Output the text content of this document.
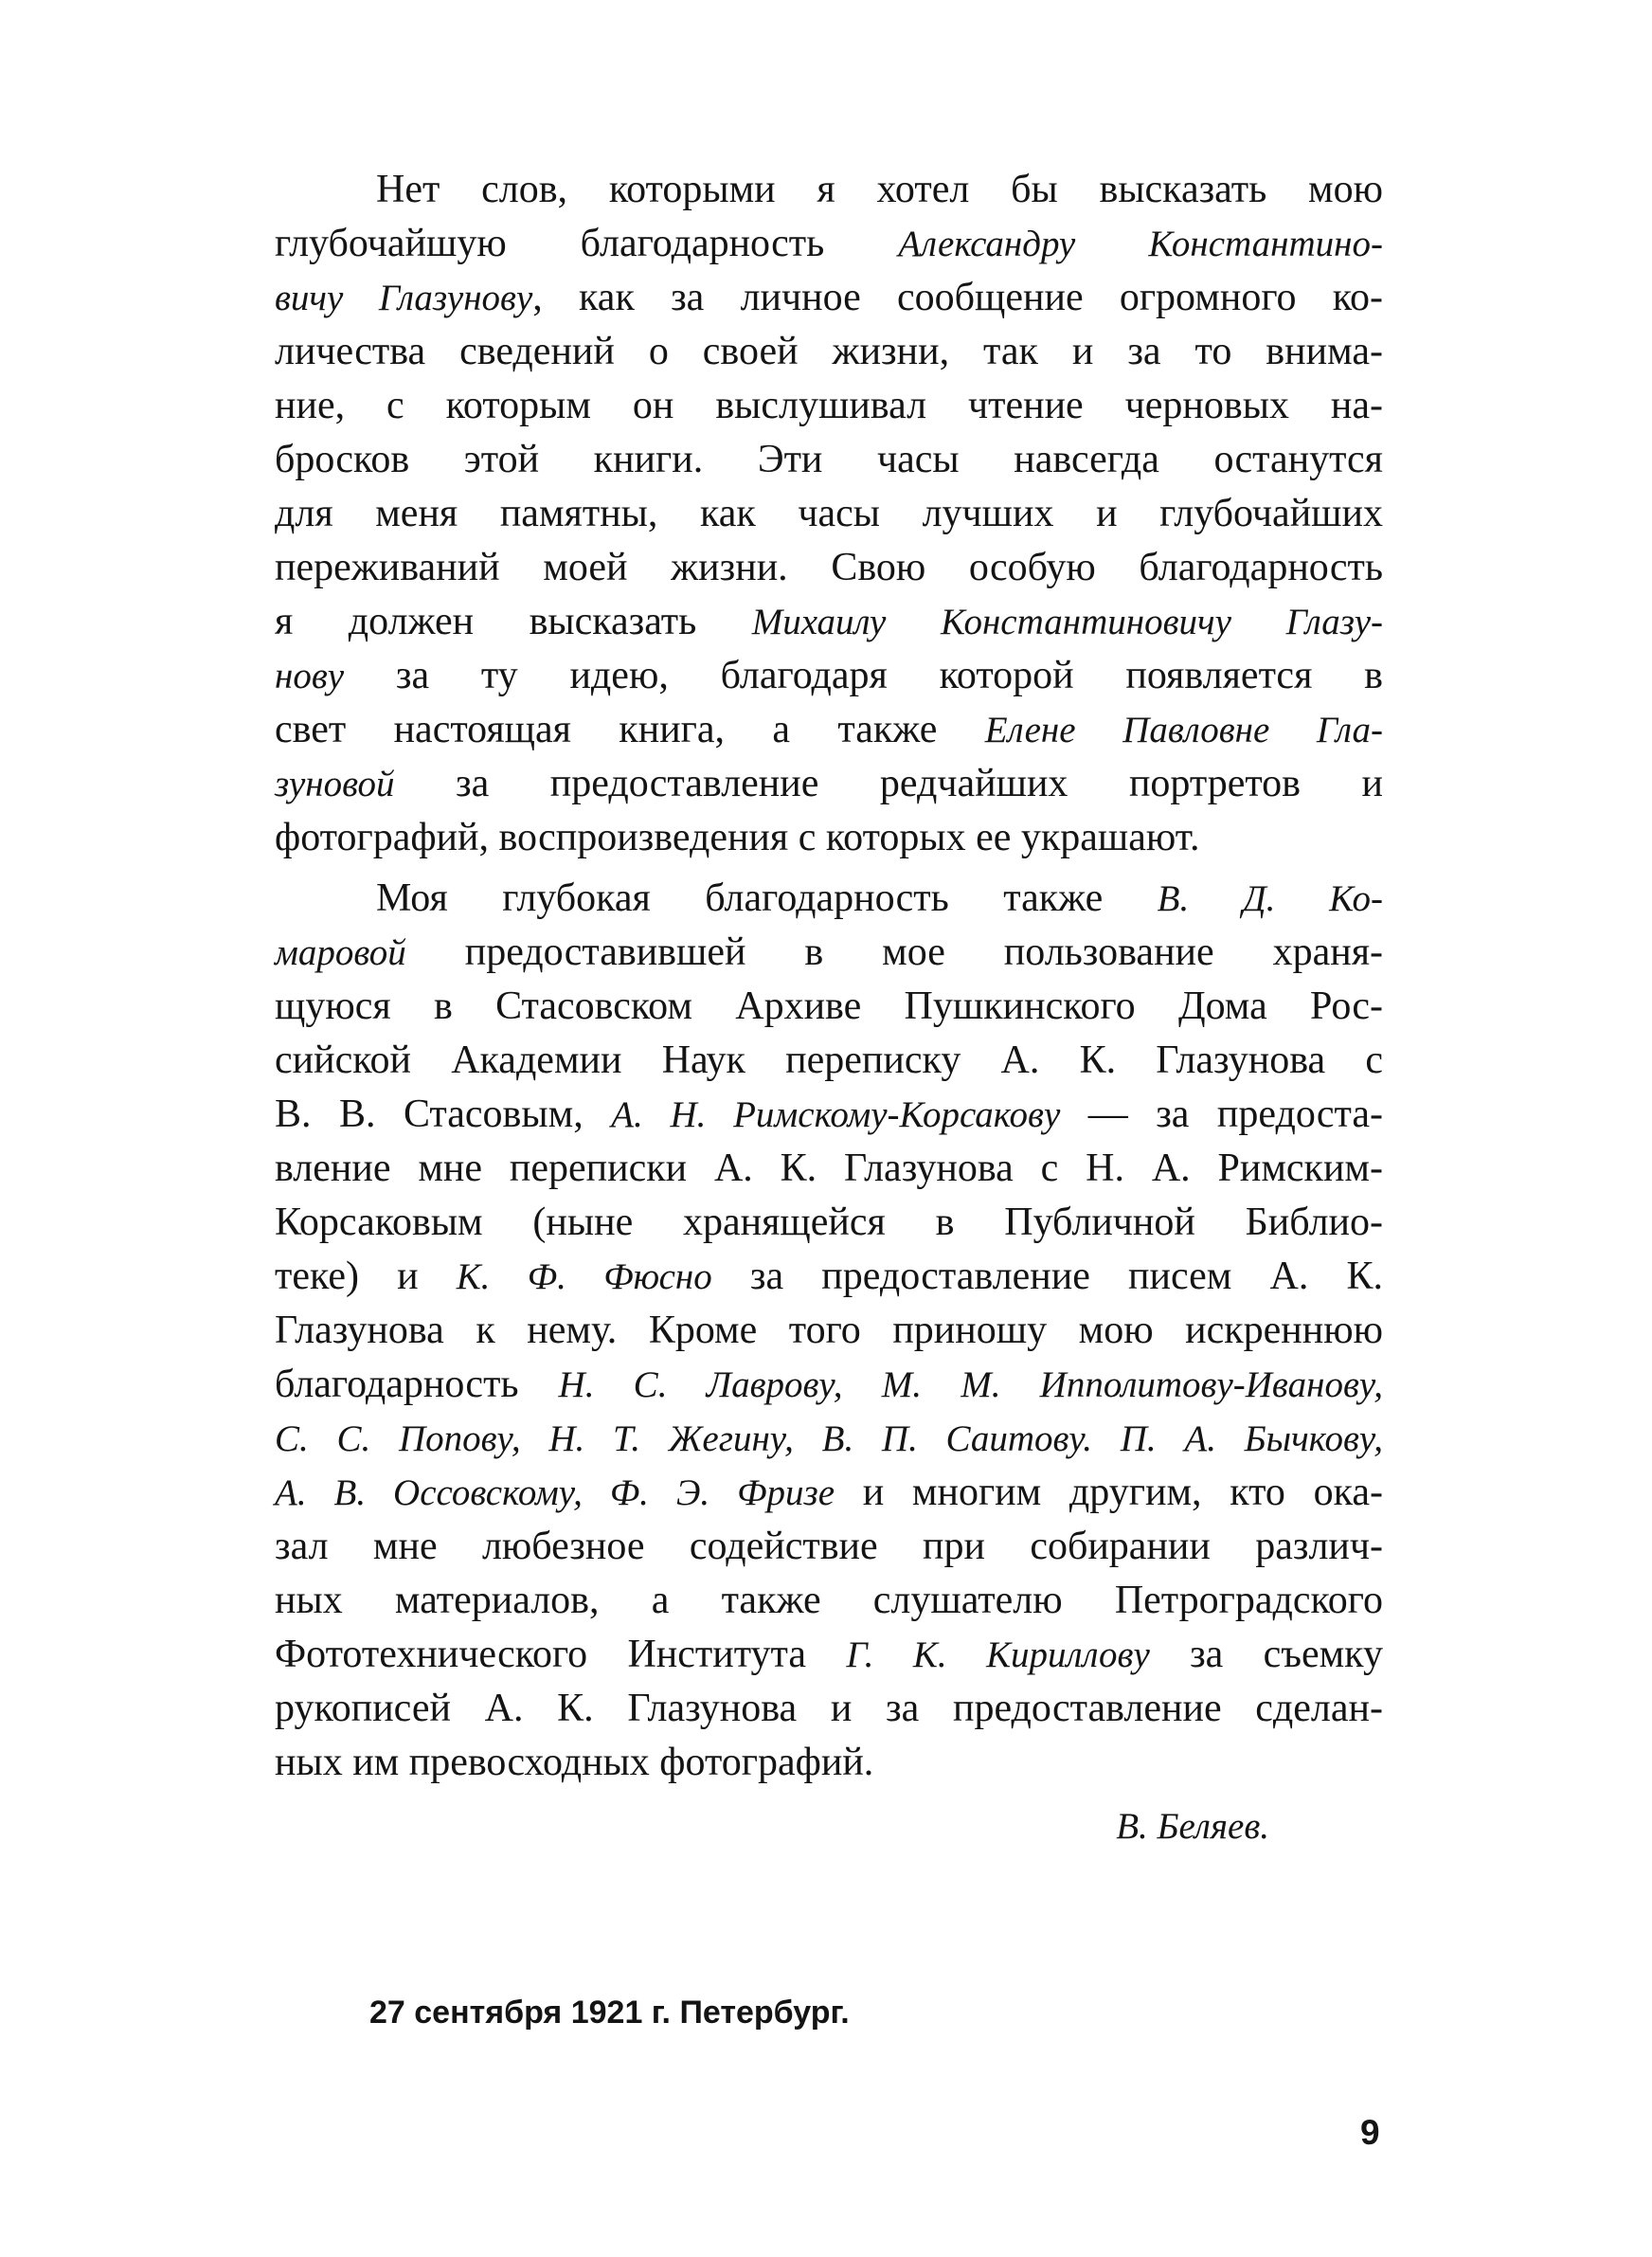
Нет слов, которыми я хотел бы высказать мою
глубочайшую благодарность Александру Константино-
вичу Глазунову, как за личное сообщение огромного ко-
личества сведений о своей жизни, так и за то внима-
ние, с которым он выслушивал чтение черновых на-
бросков этой книги. Эти часы навсегда останутся
для меня памятны, как часы лучших и глубочайших
переживаний моей жизни. Свою особую благодарность
я должен высказать Михаилу Константиновичу Глазу-
нову за ту идею, благодаря которой появляется в
свет настоящая книга, а также Елене Павловне Гла-
зуновой за предоставление редчайших портретов и
фотографий, воспроизведения с которых ее украшают.
Моя глубокая благодарность также В. Д. Ко-
маровой предоставившей в мое пользование храня-
щуюся в Стасовском Архиве Пушкинского Дома Рос-
сийской Академии Наук переписку А. К. Глазунова с
В. В. Стасовым, А. Н. Римскому-Корсакову — за предоста-
вление мне переписки А. К. Глазунова с Н. А. Римским-
Корсаковым (ныне хранящейся в Публичной Библио-
теке) и К. Ф. Фюсно за предоставление писем А. К.
Глазунова к нему. Кроме того приношу мою искреннюю
благодарность Н. С. Лаврову, М. М. Ипполитову-Иванову,
С. С. Попову, Н. Т. Жегину, В. П. Саитову. П. А. Бычкову,
А. В. Оссовскому, Ф. Э. Фризе и многим другим, кто ока-
зал мне любезное содействие при собирании различ-
ных материалов, а также слушателю Петроградского
Фототехнического Института Г. К. Кириллову за съемку
рукописей А. К. Глазунова и за предоставление сделан-
ных им превосходных фотографий.
В. Беляев.
27 сентября 1921 г. Петербург.
9
